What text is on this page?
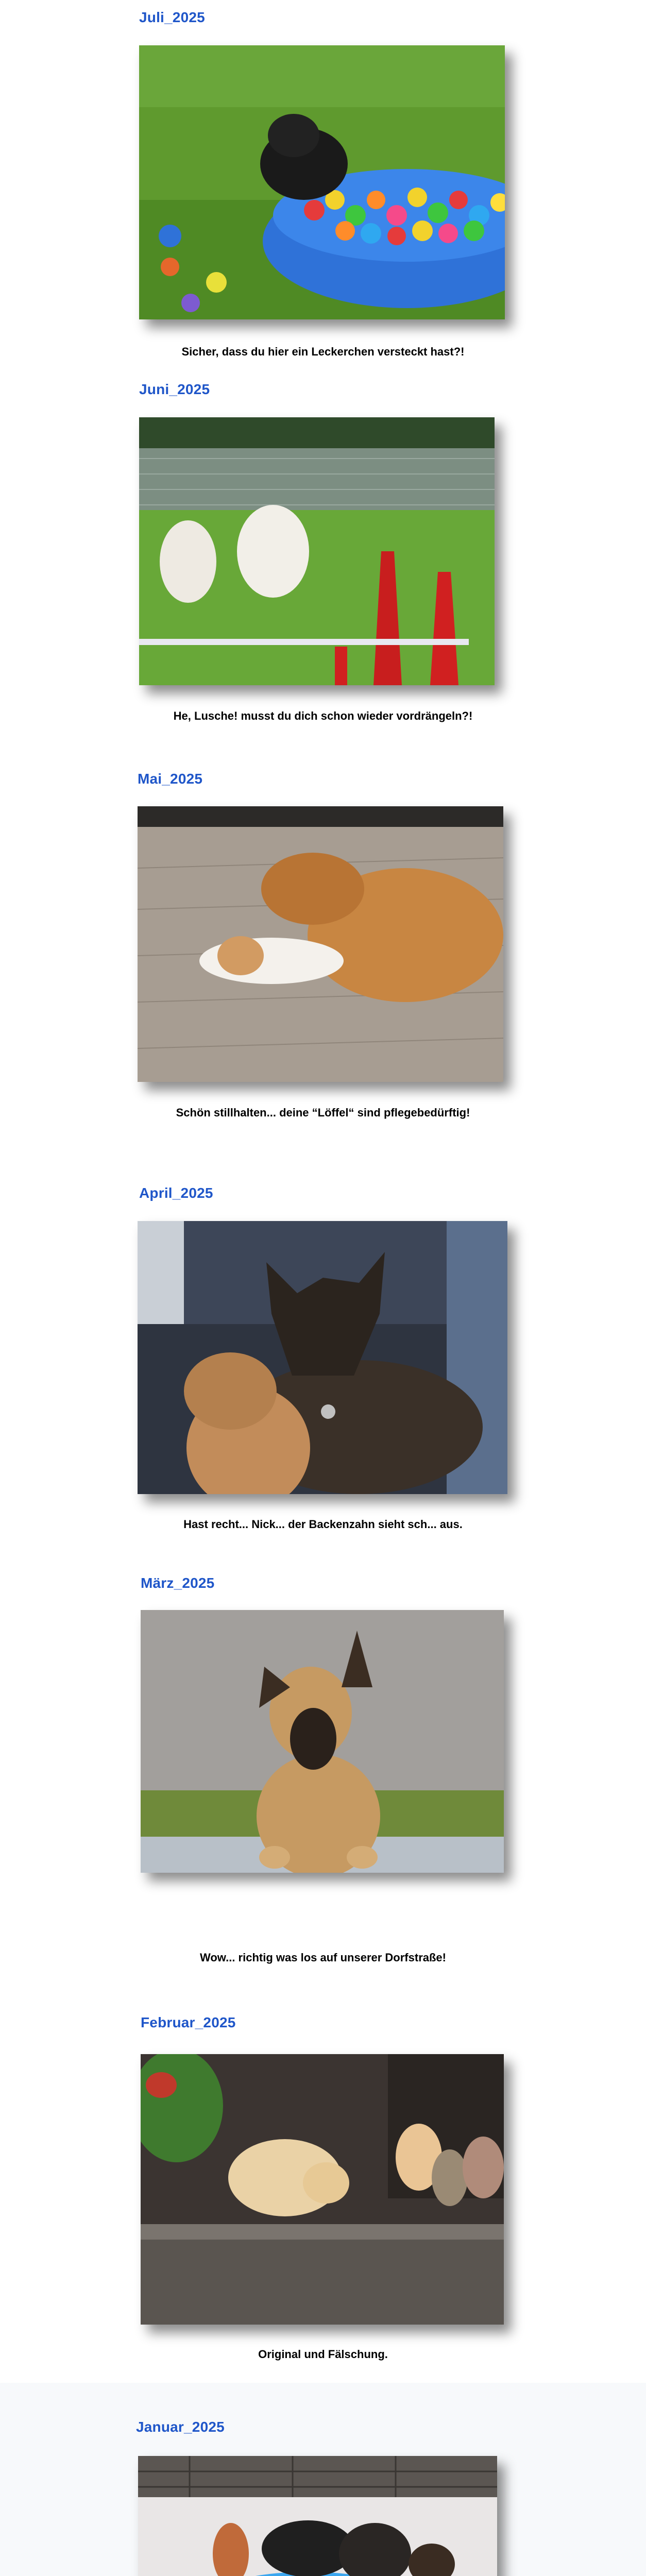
Juli_2025
Sicher, dass du hier ein Leckerchen versteckt hast?!
Juni_2025
He, Lusche! musst du dich schon wieder vordrängeln?!
Mai_2025
Schön stillhalten... deine “Löffel“ sind pflegebedürftig!
April_2025
Hast recht... Nick... der Backenzahn sieht sch... aus.
März_2025
Wow... richtig was los auf unserer Dorfstraße!
Februar_2025
Original und Fälschung.
Januar_2025
